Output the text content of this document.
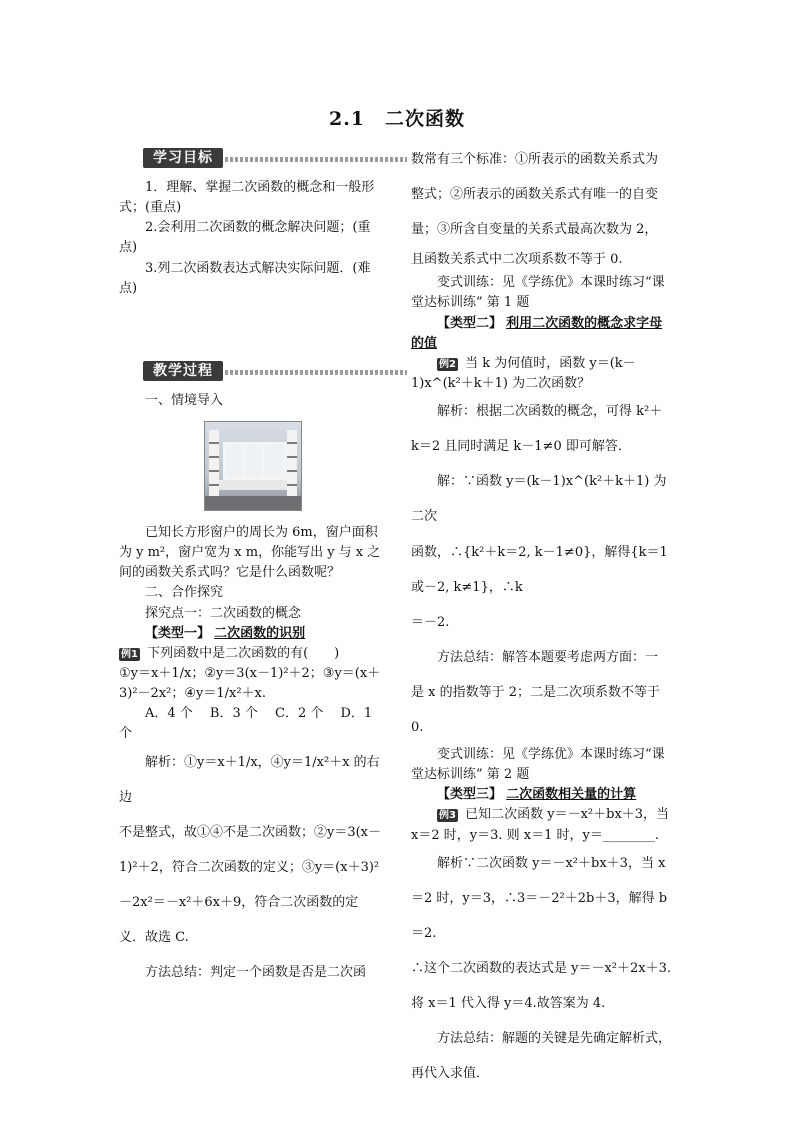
2.1　二次函数
学习目标

1．理解、掌握二次函数的概念和一般形式；(重点)

2.会利用二次函数的概念解决问题；(重点)

3.列二次函数表达式解决实际问题．(难点)

教学过程

一、情境导入

已知长方形窗户的周长为 6m，窗户面积为 y m²，窗户宽为 x m，你能写出 y 与 x 之间的函数关系式吗？它是什么函数呢？

二、合作探究

探究点一：二次函数的概念

【类型一】 二次函数的识别

例1 下列函数中是二次函数的有(　　)

①y＝x＋1/x；②y＝3(x－1)²＋2；③y＝(x＋3)²－2x²；④y＝1/x²＋x.

A．4 个　 B．3 个　 C．2 个　 D．1 个

解析：①y＝x＋1/x，④y＝1/x²＋x 的右边

不是整式，故①④不是二次函数；②y＝3(x－

1)²＋2，符合二次函数的定义；③y＝(x＋3)²

－2x²＝－x²＋6x＋9，符合二次函数的定

义．故选 C.

方法总结：判定一个函数是否是二次函

数常有三个标准：①所表示的函数关系式为

整式；②所表示的函数关系式有唯一的自变

量；③所含自变量的关系式最高次数为 2，

且函数关系式中二次项系数不等于 0.

变式训练：见《学练优》本课时练习“课堂达标训练” 第 1 题

【类型二】 利用二次函数的概念求字母的值

例2 当 k 为何值时，函数 y＝(k－1)x^(k²＋k＋1) 为二次函数？

解析：根据二次函数的概念，可得 k²＋

k＝2 且同时满足 k－1≠0 即可解答．

解：∵函数 y＝(k－1)x^(k²＋k＋1) 为二次

函数，∴{k²＋k＝2, k－1≠0}，解得{k＝1或－2, k≠1}，∴k

＝－2.

方法总结：解答本题要考虑两方面：一

是 x 的指数等于 2；二是二次项系数不等于 0.

变式训练：见《学练优》本课时练习“课堂达标训练” 第 2 题

【类型三】 二次函数相关量的计算

例3 已知二次函数 y＝－x²＋bx＋3，当 x＝2 时，y＝3. 则 x＝1 时，y＝________.

解析∵二次函数 y＝－x²＋bx＋3，当 x

＝2 时，y＝3，∴3＝－2²＋2b＋3，解得 b＝2.

∴这个二次函数的表达式是 y＝－x²＋2x＋3.

将 x＝1 代入得 y＝4.故答案为 4.

方法总结：解题的关键是先确定解析式，

再代入求值．
